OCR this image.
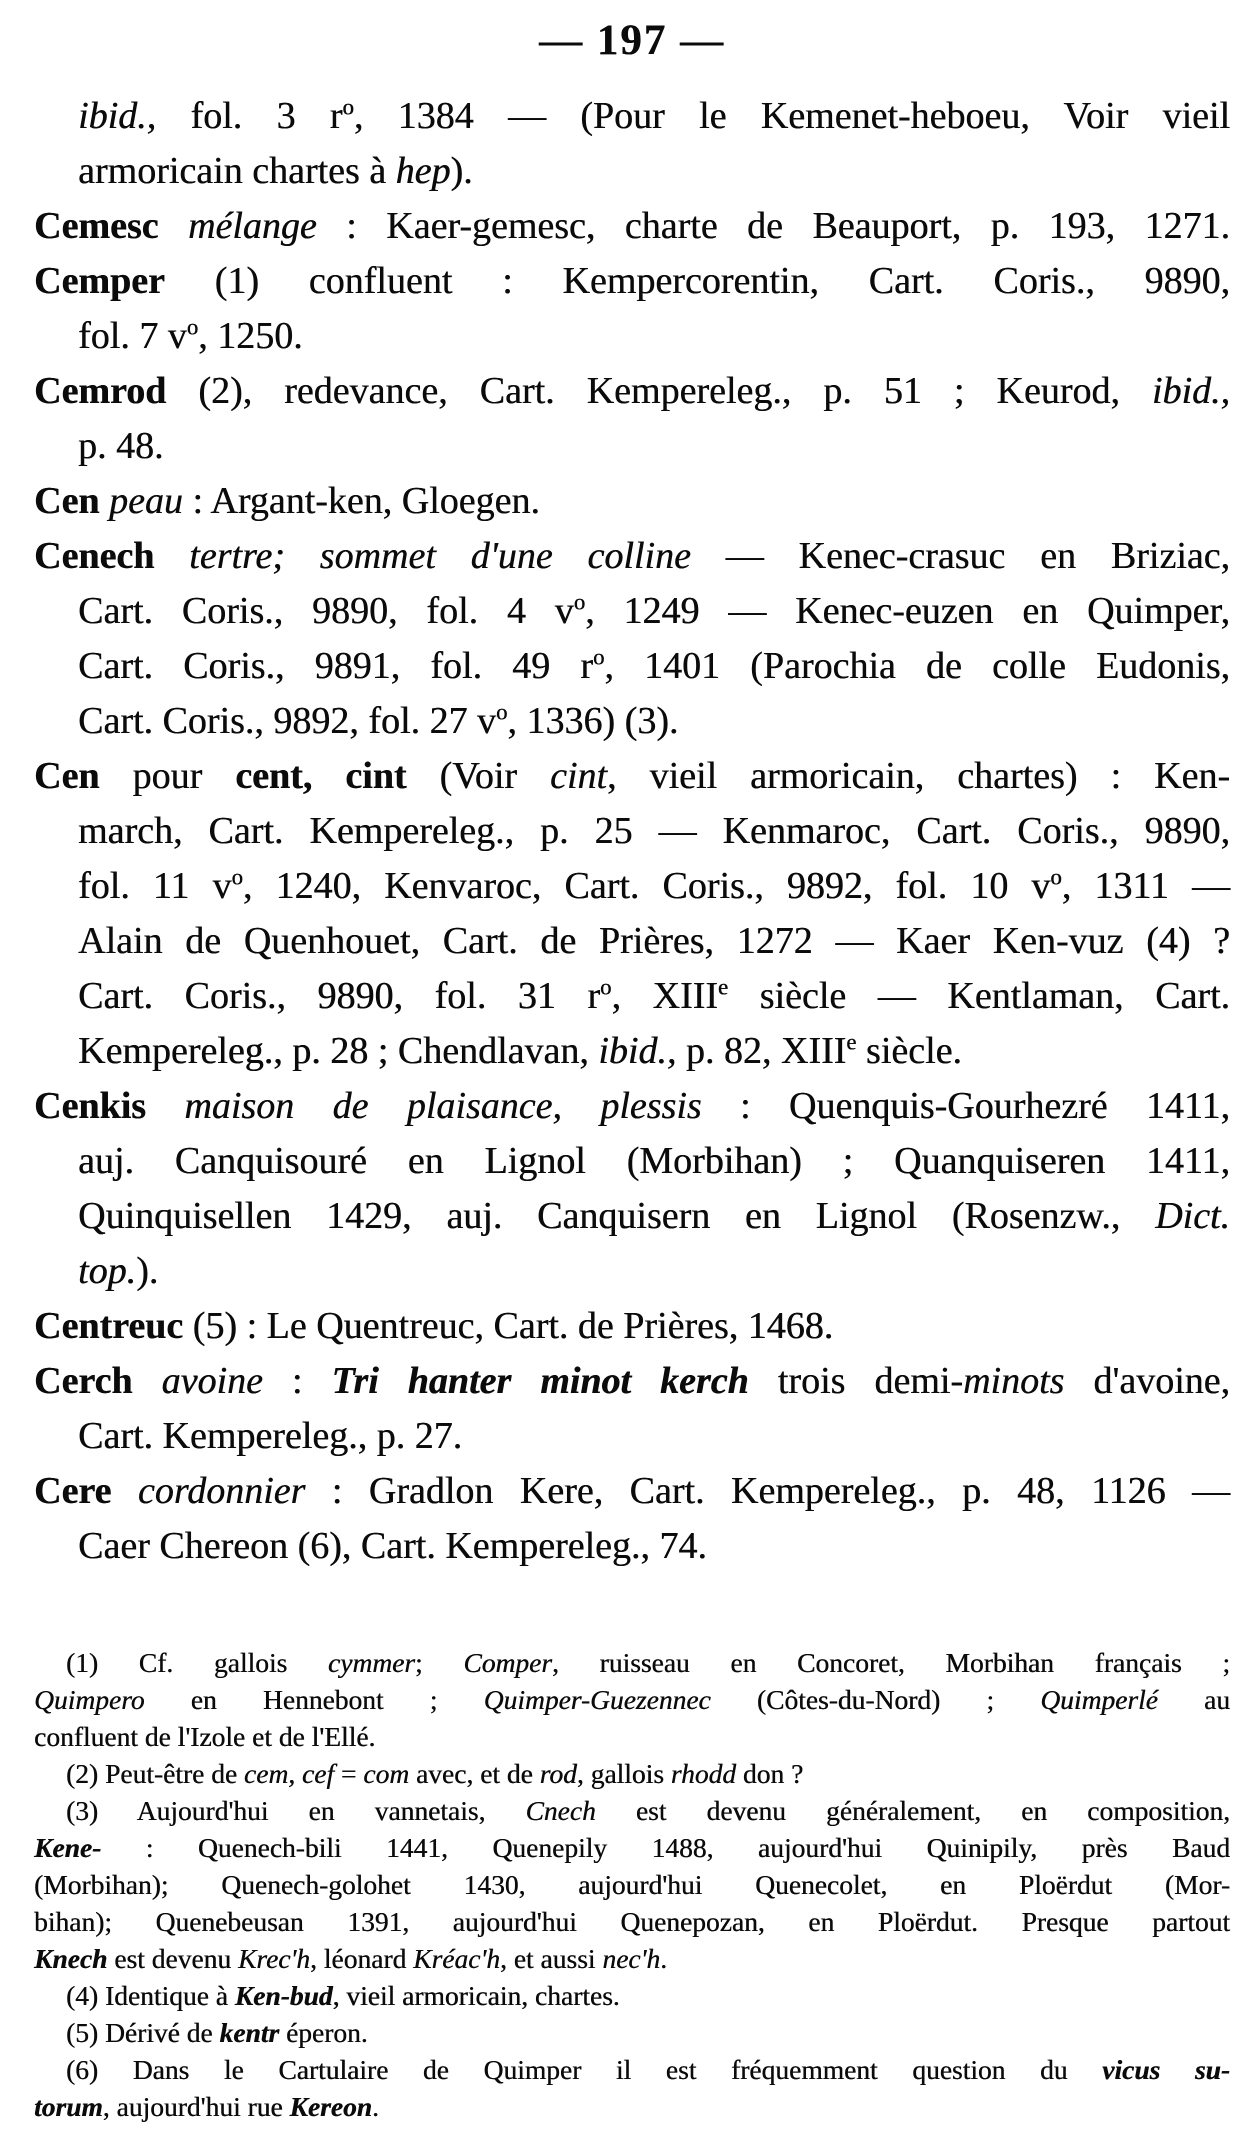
— 197 —
ibid., fol. 3 $r^o$, 1384 — (Pour le Kemenet-heboeu, Voir vieil
armoricain chartes à hep).
Cemesc mélange : Kaer-gemesc, charte de Beauport, p. 193, 1271.
Cemper (1) confluent : Kempercorentin, Cart. Coris., 9890,
fol. 7 $v^o$, 1250.
Cemrod (2), redevance, Cart. Kempereleg., p. 51 ; Keurod, ibid.,
p. 48.
Cen peau : Argant-ken, Gloegen.
Cenech tertre; sommet d'une colline — Kenec-crasuc en Briziac,
Cart. Coris., 9890, fol. 4 $v^o$, 1249 — Kenec-euzen en Quimper,
Cart. Coris., 9891, fol. 49 $r^o$, 1401 (Parochia de colle Eudonis,
Cart. Coris., 9892, fol. 27 $v^o$, 1336) (3).
Cen pour cent, cint (Voir cint, vieil armoricain, chartes) : Ken-
march, Cart. Kempereleg., p. 25 — Kenmaroc, Cart. Coris., 9890,
fol. 11 $v^o$, 1240, Kenvaroc, Cart. Coris., 9892, fol. 10 $v^o$, 1311 —
Alain de Quenhouet, Cart. de Prières, 1272 — Kaer Ken-vuz (4) ?
Cart. Coris., 9890, fol. 31 $r^o$, XIIIe siècle — Kentlaman, Cart.
Kempereleg., p. 28 ; Chendlavan, ibid., p. 82, XIIIe siècle.
Cenkis maison de plaisance, plessis : Quenquis-Gourhezré 1411,
auj. Canquisouré en Lignol (Morbihan) ; Quanquiseren 1411,
Quinquisellen 1429, auj. Canquisern en Lignol (Rosenzw., Dict.
top.).
Centreuc (5) : Le Quentreuc, Cart. de Prières, 1468.
Cerch avoine : Tri hanter minot kerch trois demi-minots d'avoine,
Cart. Kempereleg., p. 27.
Cere cordonnier : Gradlon Kere, Cart. Kempereleg., p. 48, 1126 —
Caer Chereon (6), Cart. Kempereleg., 74.
(1) Cf. gallois cymmer; Comper, ruisseau en Concoret, Morbihan français ;
Quimpero en Hennebont ; Quimper-Guezennec (Côtes-du-Nord) ; Quimperlé au
confluent de l'Izole et de l'Ellé.
(2) Peut-être de cem, cef = com avec, et de rod, gallois rhodd don ?
(3) Aujourd'hui en vannetais, Cnech est devenu généralement, en composition,
Kene- : Quenech-bili 1441, Quenepily 1488, aujourd'hui Quinipily, près Baud
(Morbihan); Quenech-golohet 1430, aujourd'hui Quenecolet, en Ploërdut (Mor-
bihan); Quenebeusan 1391, aujourd'hui Quenepozan, en Ploërdut. Presque partout
Knech est devenu Krec'h, léonard Kréac'h, et aussi nec'h.
(4) Identique à Ken-bud, vieil armoricain, chartes.
(5) Dérivé de kentr éperon.
(6) Dans le Cartulaire de Quimper il est fréquemment question du vicus su-
torum, aujourd'hui rue Kereon.
